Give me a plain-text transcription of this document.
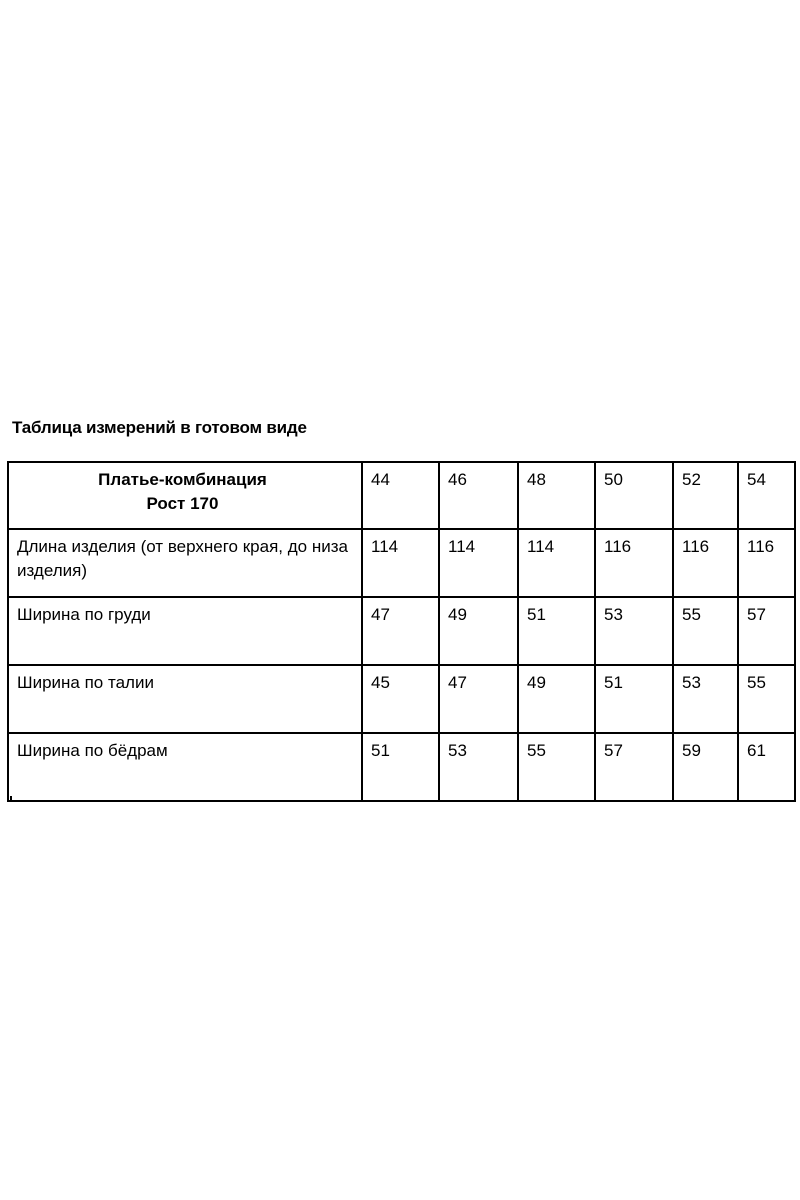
Таблица измерений в готовом виде
Платье-комбинация
Рост 170	44	46	48	50	52	54
Длина изделия (от верхнего края, до низа изделия)	114	114	114	116	116	116
Ширина по груди	47	49	51	53	55	57
Ширина по талии	45	47	49	51	53	55
Ширина по бёдрам	51	53	55	57	59	61
